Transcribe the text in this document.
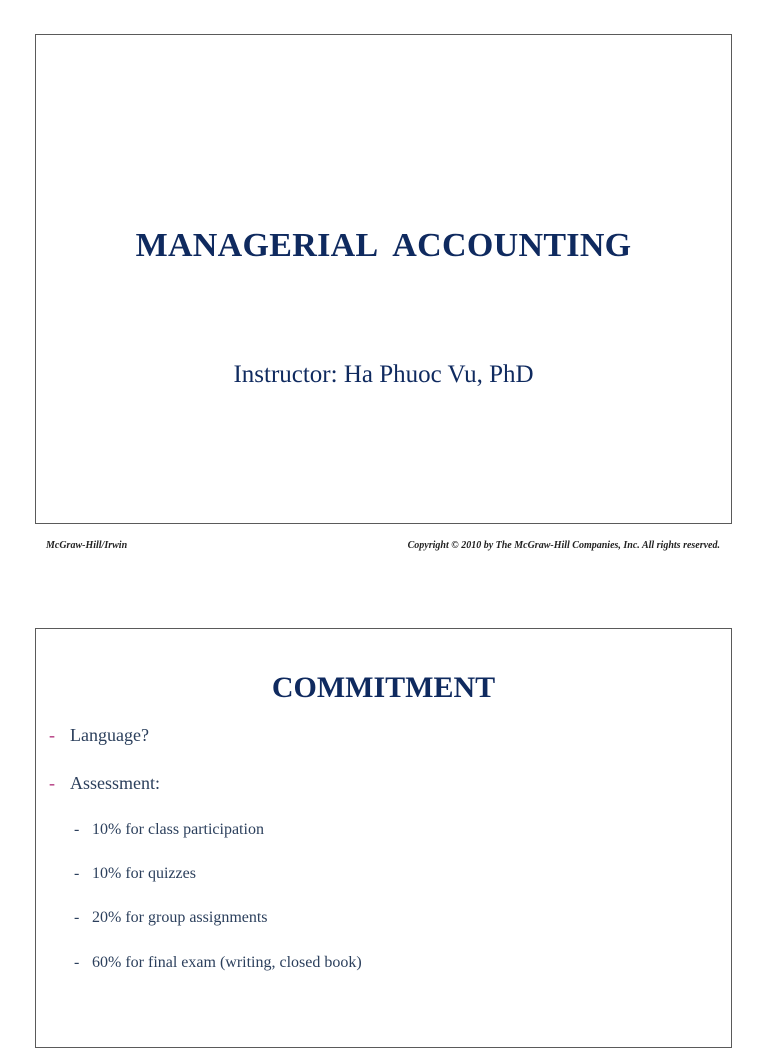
MANAGERIAL  ACCOUNTING
Instructor: Ha Phuoc Vu, PhD
McGraw-Hill/Irwin	Copyright © 2010 by The McGraw-Hill Companies, Inc. All rights reserved.
COMMITMENT
- Language?
- Assessment:
- 10% for class participation
- 10% for quizzes
- 20% for group assignments
- 60% for final exam (writing, closed book)
